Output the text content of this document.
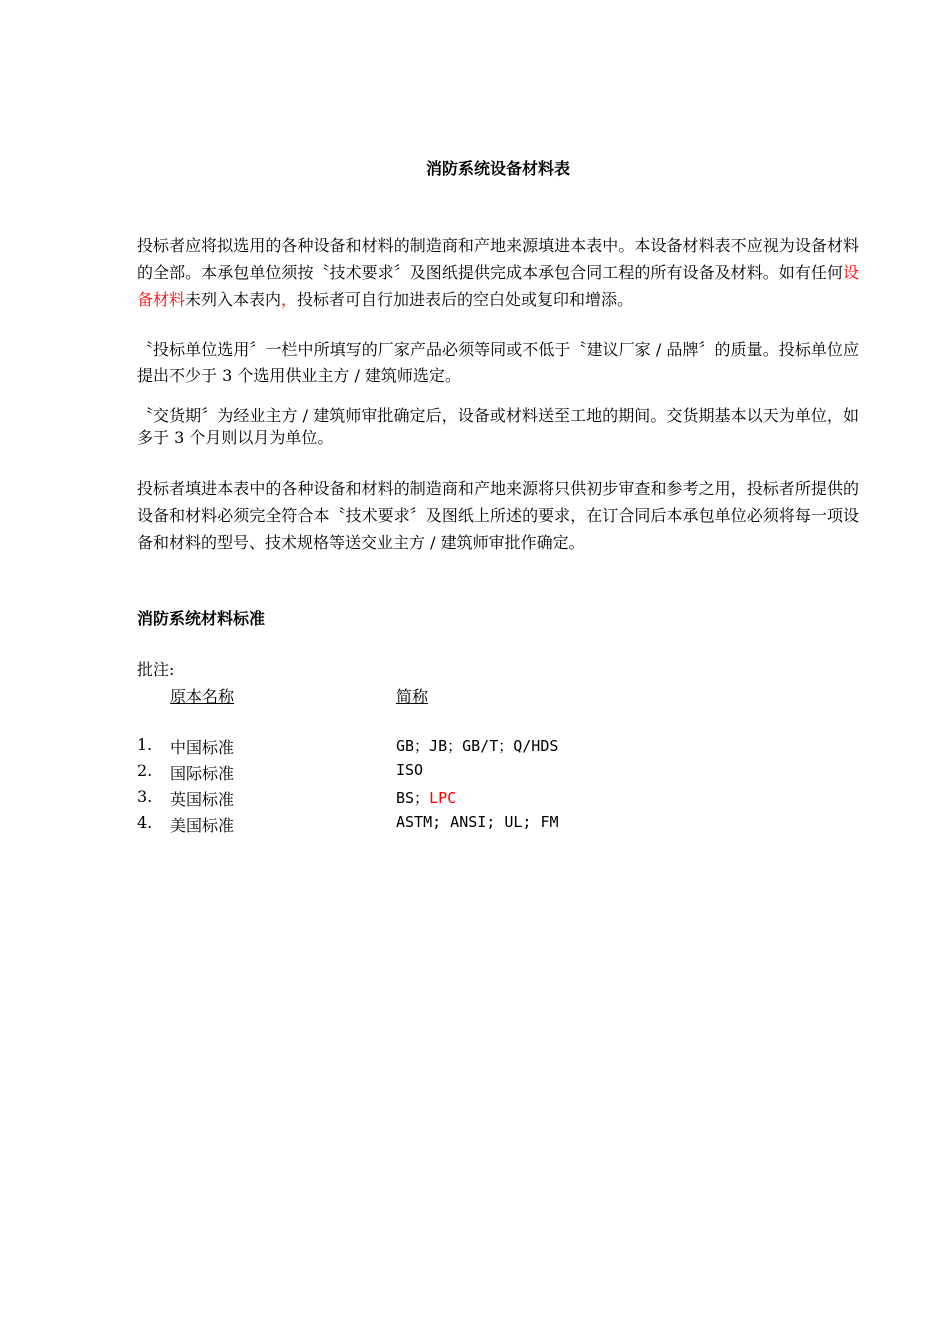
消防系统设备材料表
投标者应将拟选用的各种设备和材料的制造商和产地来源填进本表中。本设备材料表不应视为设备材料的全部。本承包单位须按〝技术要求〞及图纸提供完成本承包合同工程的所有设备及材料。如有任何设备材料未列入本表内，投标者可自行加进表后的空白处或复印和增添。
〝投标单位选用〞一栏中所填写的厂家产品必须等同或不低于〝建议厂家 / 品牌〞的质量。投标单位应提出不少于 3 个选用供业主方 / 建筑师选定。
〝交货期〞为经业主方 / 建筑师审批确定后，设备或材料送至工地的期间。交货期基本以天为单位，如多于 3 个月则以月为单位。
投标者填进本表中的各种设备和材料的制造商和产地来源将只供初步审查和参考之用，投标者所提供的设备和材料必须完全符合本〝技术要求〞及图纸上所述的要求，在订合同后本承包单位必须将每一项设备和材料的型号、技术规格等送交业主方 / 建筑师审批作确定。
消防系统材料标准
批注:
原本名称	简称
1. 中国标准	GB；JB；GB/T；Q/HDS
2. 国际标准	ISO
3. 英国标准	BS；LPC
4. 美国标准	ASTM; ANSI; UL; FM
